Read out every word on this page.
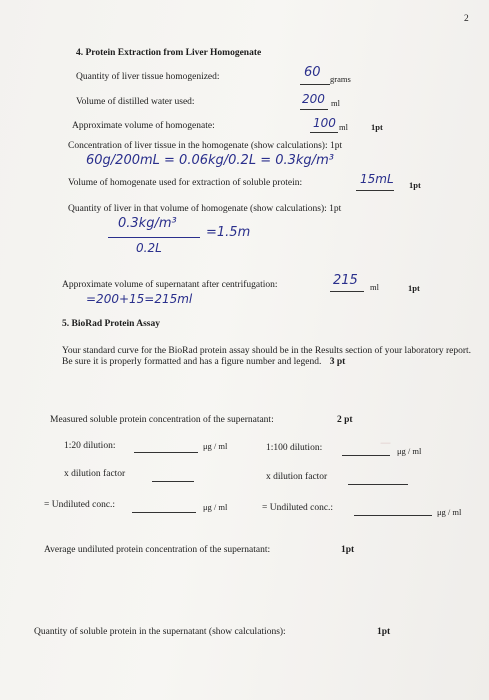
—
2
4. Protein Extraction from Liver Homogenate
Quantity of liver tissue homogenized:	60 grams
Volume of distilled water used:	200 ml
Approximate volume of homogenate:	100 ml	1pt
Concentration of liver tissue in the homogenate (show calculations): 1pt
60g/200mL = 0.06kg/0.2L = 0.3kg/m³
Volume of homogenate used for extraction of soluble protein:	15mL 1pt
Quantity of liver in that volume of homogenate (show calculations): 1pt
0.3kg/m³
0.2L
=1.5m
Approximate volume of supernatant after centrifugation:	215 ml	1pt
=200+15=215ml
5. BioRad Protein Assay
Your standard curve for the BioRad protein assay should be in the Results section of your laboratory report. Be sure it is properly formatted and has a figure number and legend. 3 pt
Measured soluble protein concentration of the supernatant:	2 pt
1:20 dilution:	μg / ml	1:100 dilution:	μg / ml
x dilution factor	x dilution factor
= Undiluted conc.:	μg / ml	= Undiluted conc.:	μg / ml
Average undiluted protein concentration of the supernatant:	1pt
Quantity of soluble protein in the supernatant (show calculations):	1pt
